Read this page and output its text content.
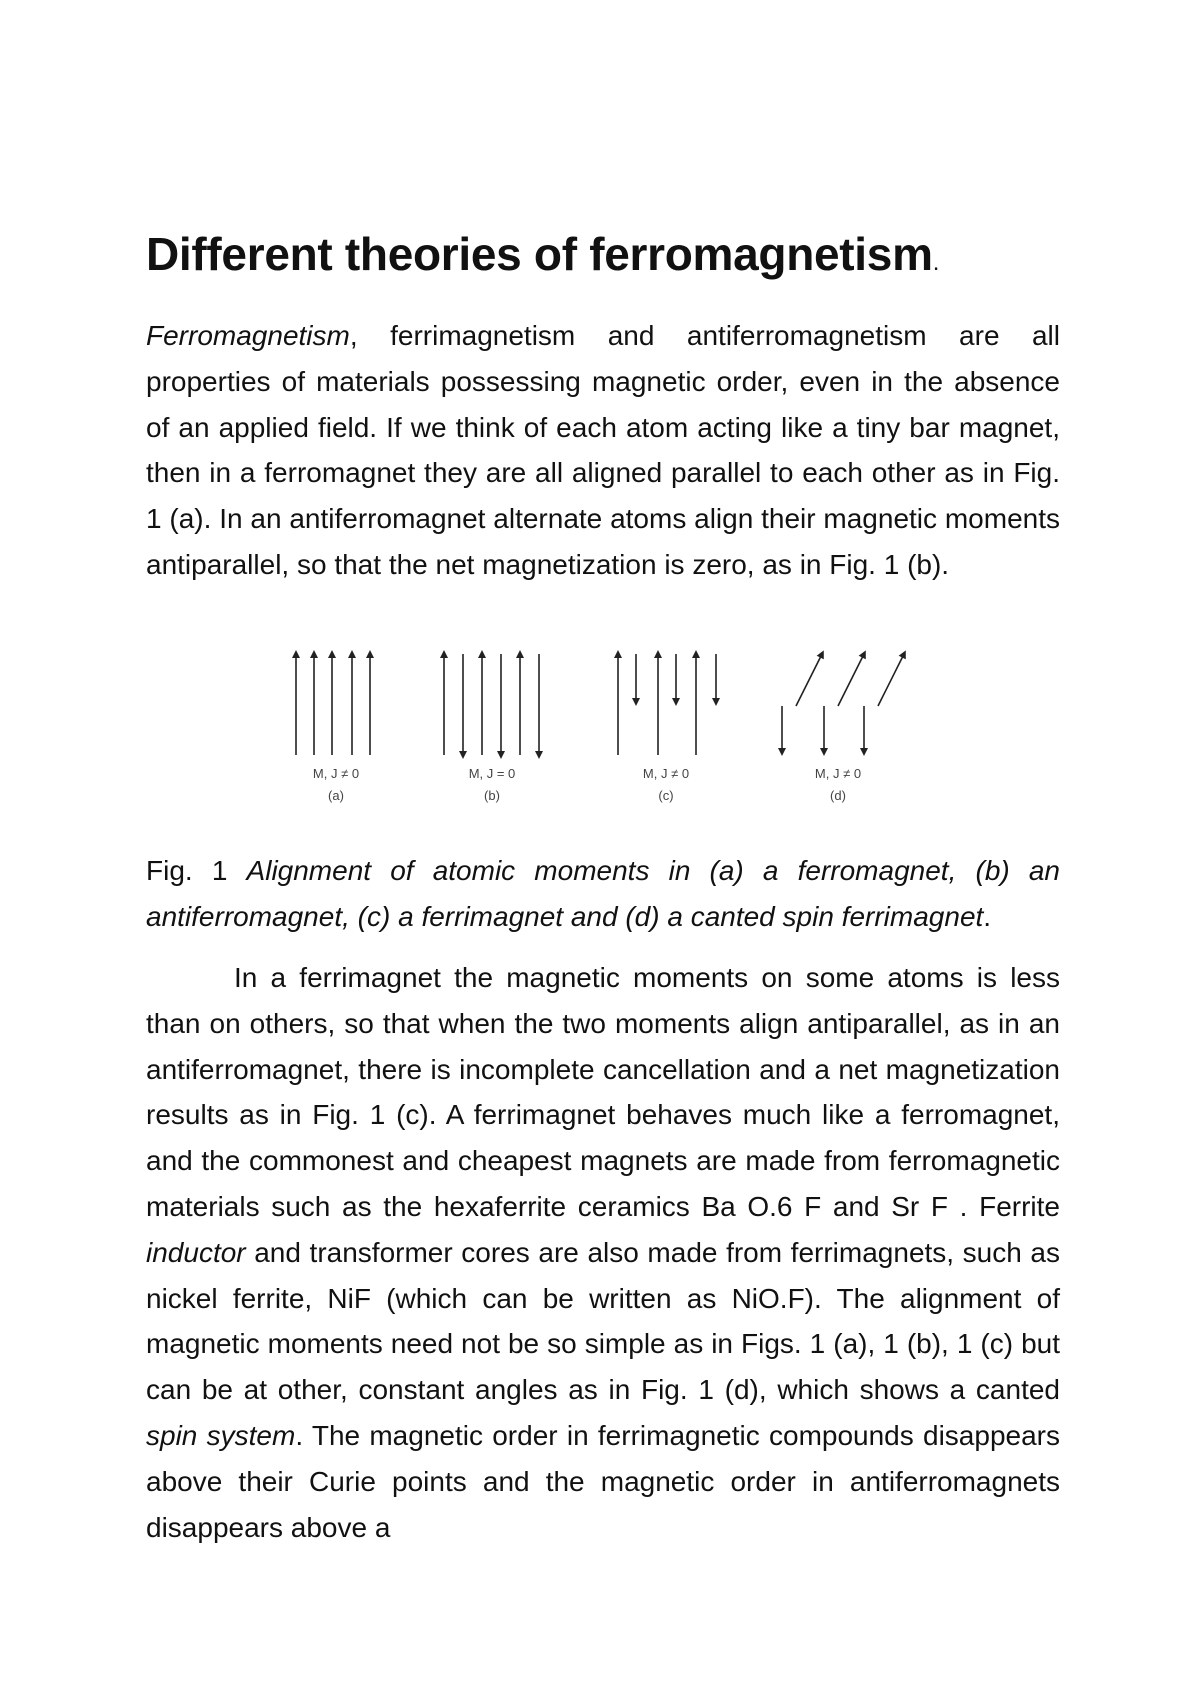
Different theories of ferromagnetism.

Ferromagnetism, ferrimagnetism and antiferromagnetism are all properties of materials possessing magnetic order, even in the absence of an applied field. If we think of each atom acting like a tiny bar magnet, then in a ferromagnet they are all aligned parallel to each other as in Fig. 1 (a). In an antiferromagnet alternate atoms align their magnetic moments antiparallel, so that the net magnetization is zero, as in Fig. 1 (b).

M, J ≠ 0
(a)
M, J = 0
(b)
M, J ≠ 0
(c)
M, J ≠ 0
(d)

Fig. 1 Alignment of atomic moments in (a) a ferromagnet, (b) an antiferromagnet, (c) a ferrimagnet and (d) a canted spin ferrimagnet.

In a ferrimagnet the magnetic moments on some atoms is less than on others, so that when the two moments align antiparallel, as in an antiferromagnet, there is incomplete cancellation and a net magnetization results as in Fig. 1 (c). A ferrimagnet behaves much like a ferromagnet, and the commonest and cheapest magnets are made from ferromagnetic materials such as the hexaferrite ceramics Ba O.6 F and Sr F . Ferrite inductor and transformer cores are also made from ferrimagnets, such as nickel ferrite, NiF (which can be written as NiO.F). The alignment of magnetic moments need not be so simple as in Figs. 1 (a), 1 (b), 1 (c) but can be at other, constant angles as in Fig. 1 (d), which shows a canted spin system. The magnetic order in ferrimagnetic compounds disappears above their Curie points and the magnetic order in antiferromagnets disappears above a
